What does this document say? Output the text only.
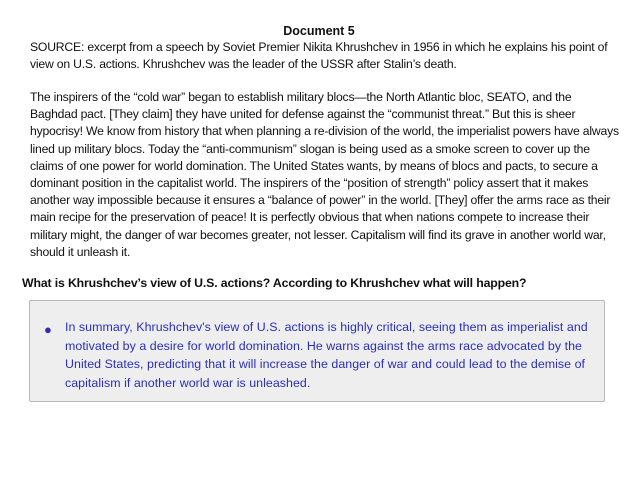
Document 5
SOURCE: excerpt from a speech by Soviet Premier Nikita Khrushchev in 1956 in which he explains his point of view on U.S. actions. Khrushchev was the leader of the USSR after Stalin’s death.
The inspirers of the “cold war” began to establish military blocs—the North Atlantic bloc, SEATO, and the Baghdad pact. [They claim] they have united for defense against the “communist threat.” But this is sheer hypocrisy! We know from history that when planning a re-division of the world, the imperialist powers have always lined up military blocs. Today the “anti-communism” slogan is being used as a smoke screen to cover up the claims of one power for world domination. The United States wants, by means of blocs and pacts, to secure a dominant position in the capitalist world. The inspirers of the “position of strength” policy assert that it makes another way impossible because it ensures a “balance of power” in the world. [They] offer the arms race as their main recipe for the preservation of peace! It is perfectly obvious that when nations compete to increase their military might, the danger of war becomes greater, not lesser. Capitalism will find its grave in another world war, should it unleash it.
What is Khrushchev’s view of U.S. actions? According to Khrushchev what will happen?
● In summary, Khrushchev's view of U.S. actions is highly critical, seeing them as imperialist and motivated by a desire for world domination. He warns against the arms race advocated by the United States, predicting that it will increase the danger of war and could lead to the demise of capitalism if another world war is unleashed.
